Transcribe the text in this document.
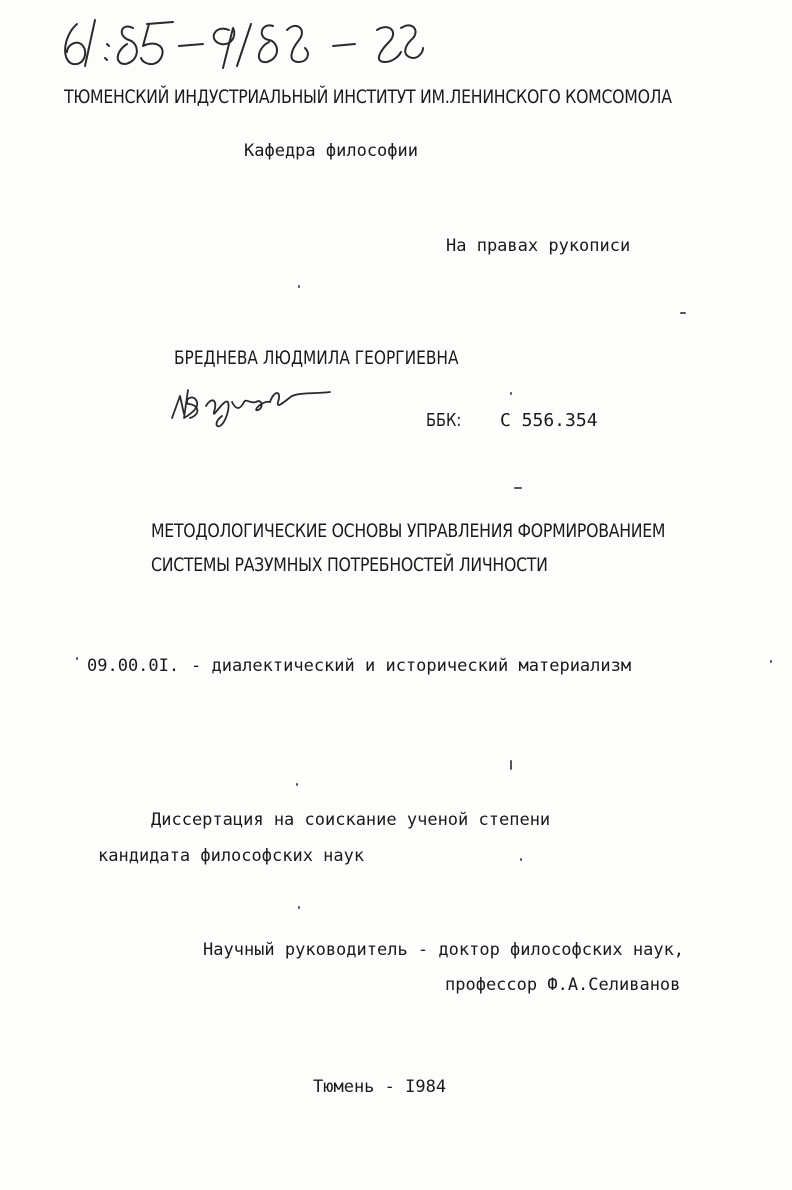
ТЮМЕНСКИЙ ИНДУСТРИАЛЬНЫЙ ИНСТИТУТ ИМ.ЛЕНИНСКОГО КОМСОМОЛА
Кафедра философии
На правах рукописи
БРЕДНЕВА ЛЮДМИЛА ГЕОРГИЕВНА
ББК: С 556.354
МЕТОДОЛОГИЧЕСКИЕ ОСНОВЫ УПРАВЛЕНИЯ ФОРМИРОВАНИЕМ
СИСТЕМЫ РАЗУМНЫХ ПОТРЕБНОСТЕЙ ЛИЧНОСТИ
09.00.0I. - диалектический и исторический материализм
Диссертация на соискание ученой степени
кандидата философских наук
Научный руководитель - доктор философских наук,
профессор Ф.А.Селиванов
Тюмень - I984
